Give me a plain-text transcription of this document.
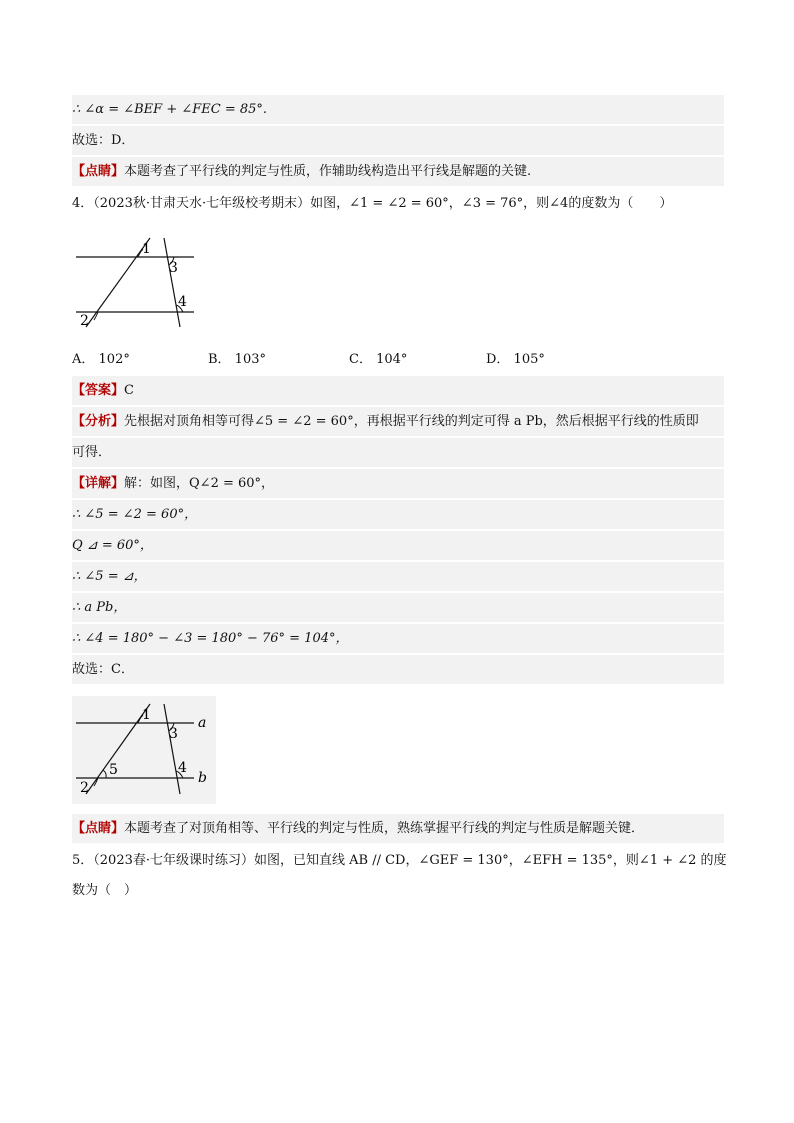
∴ ∠α = ∠BEF + ∠FEC = 85°.
故选：D．
【点睛】本题考查了平行线的判定与性质，作辅助线构造出平行线是解题的关键.
4．（2023秋·甘肃天水·七年级校考期末）如图，∠1 = ∠2 = 60°，∠3 = 76°，则∠4的度数为（　　）
1
2
3
4
A． 102°	B． 103°	C． 104°	D． 105°
【答案】C
【分析】先根据对顶角相等可得∠5 = ∠2 = 60°，再根据平行线的判定可得 a Pb，然后根据平行线的性质即
可得．
【详解】解：如图，Q∠2 = 60°，
∴ ∠5 = ∠2 = 60°，
Q ⊿ = 60°，
∴ ∠5 = ⊿，
∴ a Pb，
∴ ∠4 = 180° − ∠3 = 180° − 76° = 104°，
故选：C．
1
2
3
4
5
a
b
【点睛】本题考查了对顶角相等、平行线的判定与性质，熟练掌握平行线的判定与性质是解题关键．
5．（2023春·七年级课时练习）如图，已知直线 AB // CD，∠GEF = 130°，∠EFH = 135°，则∠1 + ∠2 的度
数为（　）
